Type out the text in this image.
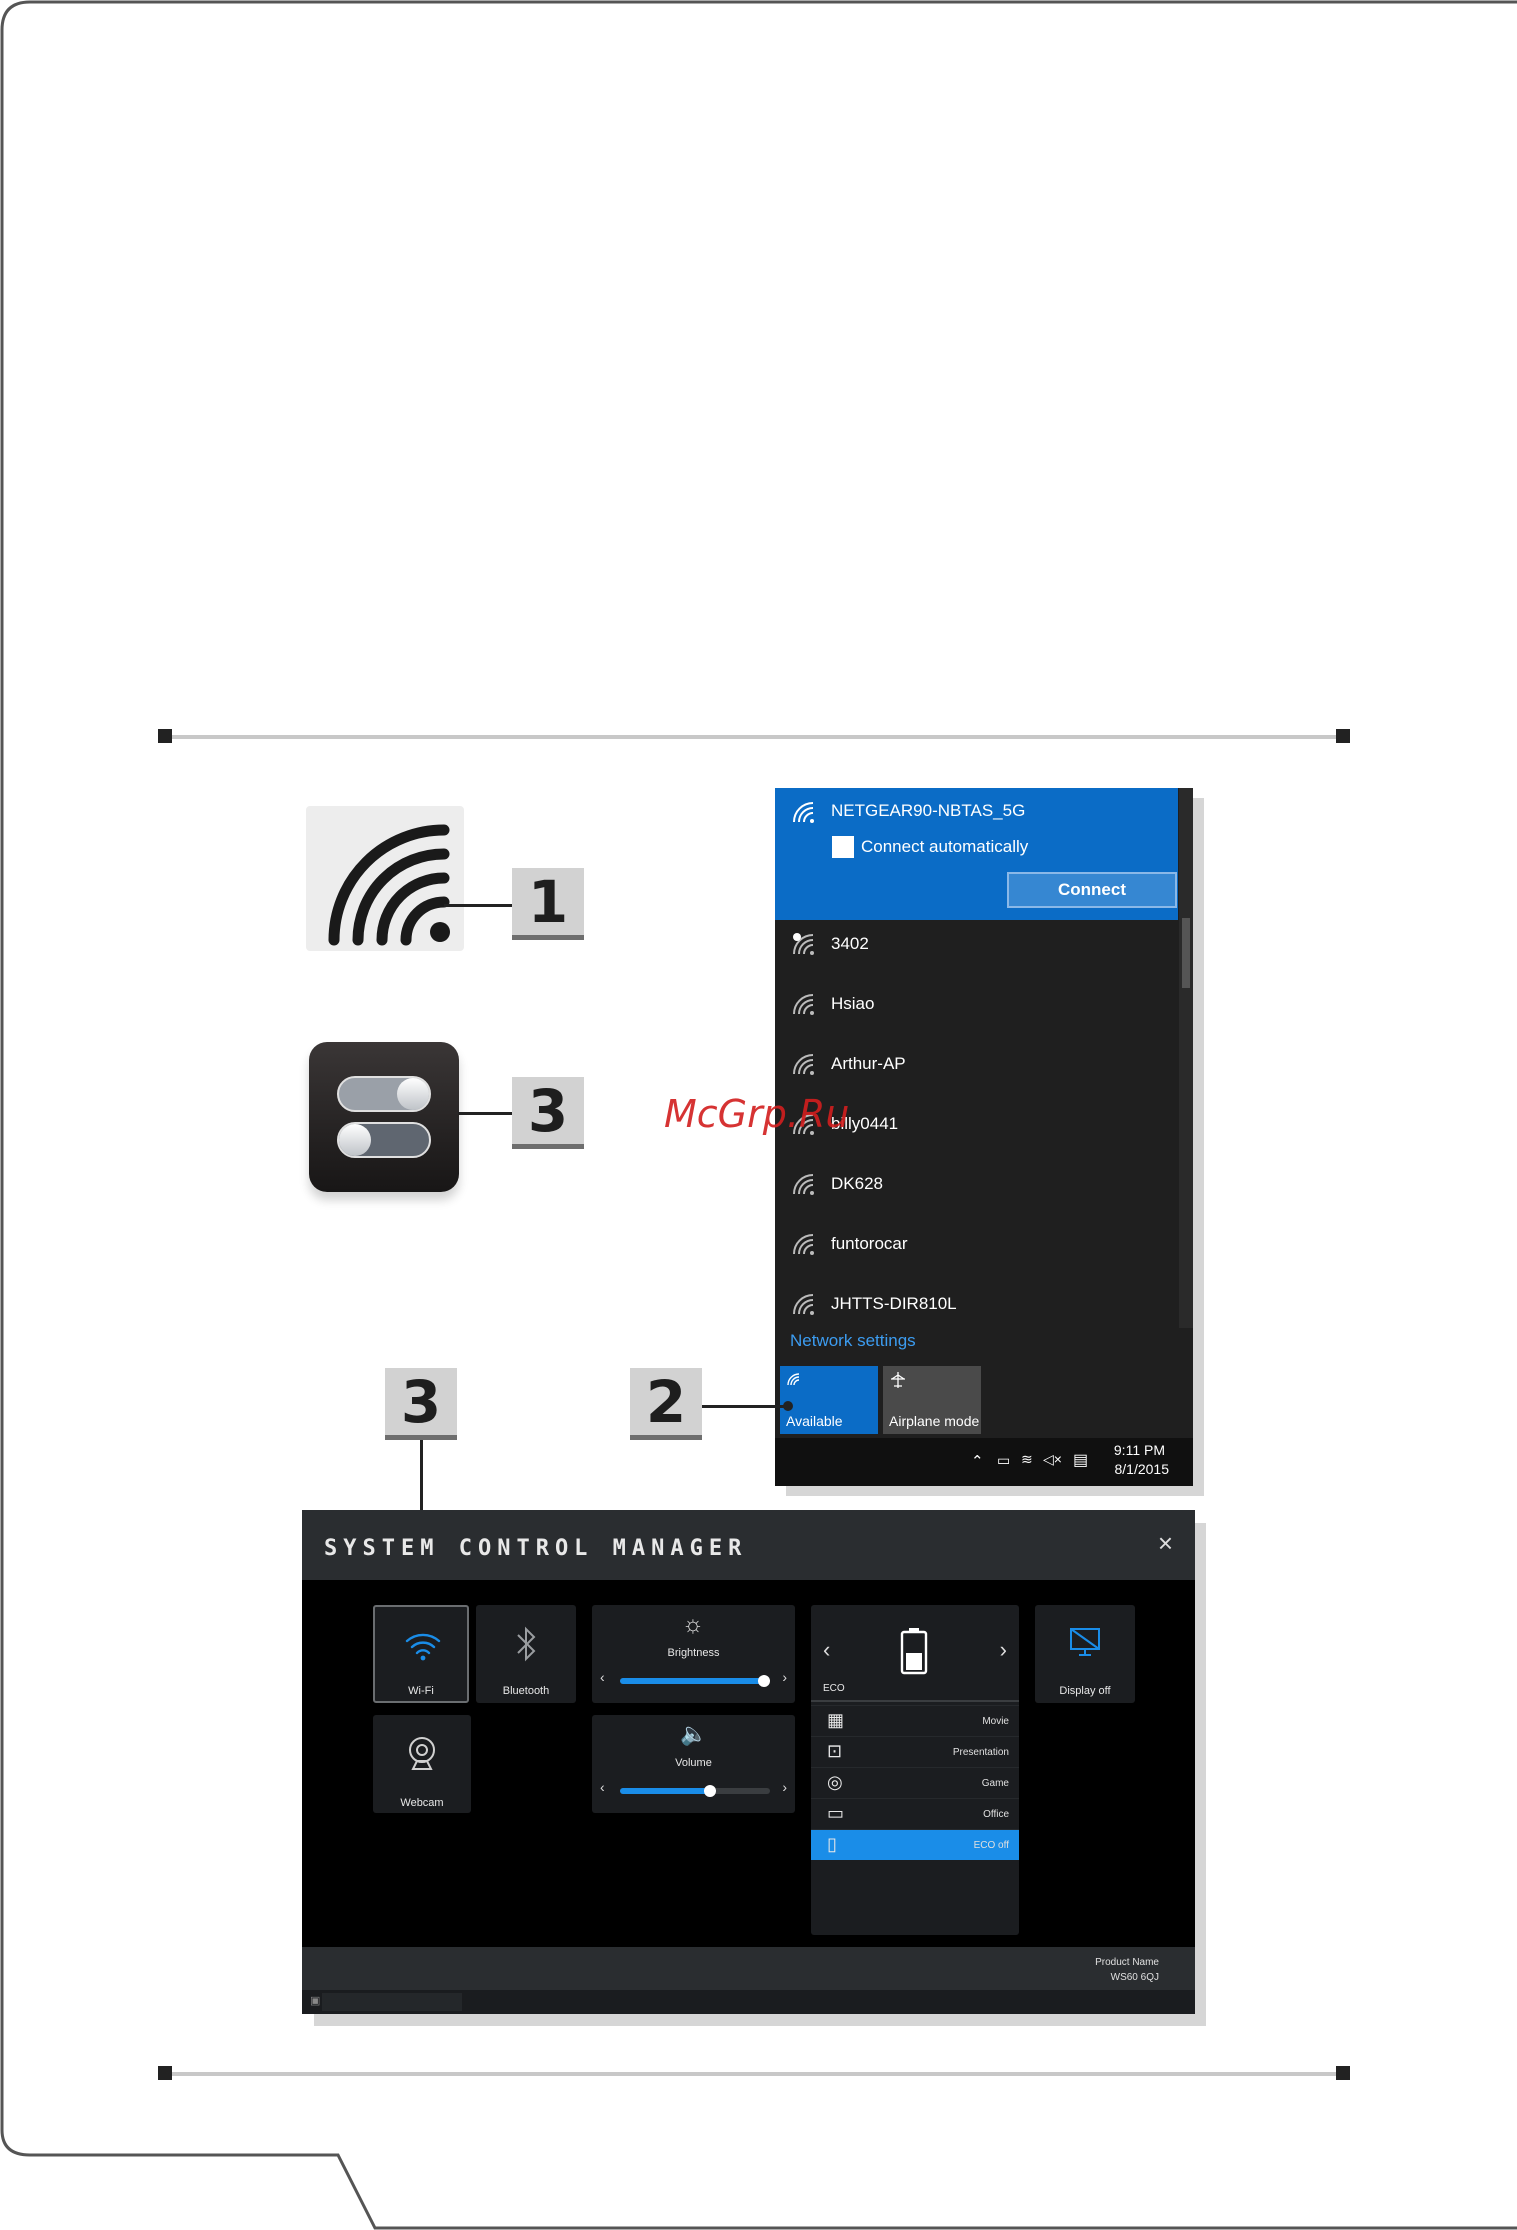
1
3
NETGEAR90-NBTAS_5G
Connect automatically
Connect
3402
Hsiao
Arthur-AP
billy0441
DK628
funtorocar
JHTTS-DIR810L
Network settings
Available	Airplane mode
⌃ ▭ ≋ ◁× ▤
9:11 PM
8/1/2015
McGrp.Ru
3	2
SYSTEM CONTROL MANAGER	×
Wi-Fi	Bluetooth
Webcam
☼
Brightness
‹	›
🔈
Volume
‹	›
‹	›
ECO
▦	Movie
⊡	Presentation
◎	Game
▭	Office
▯	ECO off
Display off
Product Name
WS60 6QJ
▣
